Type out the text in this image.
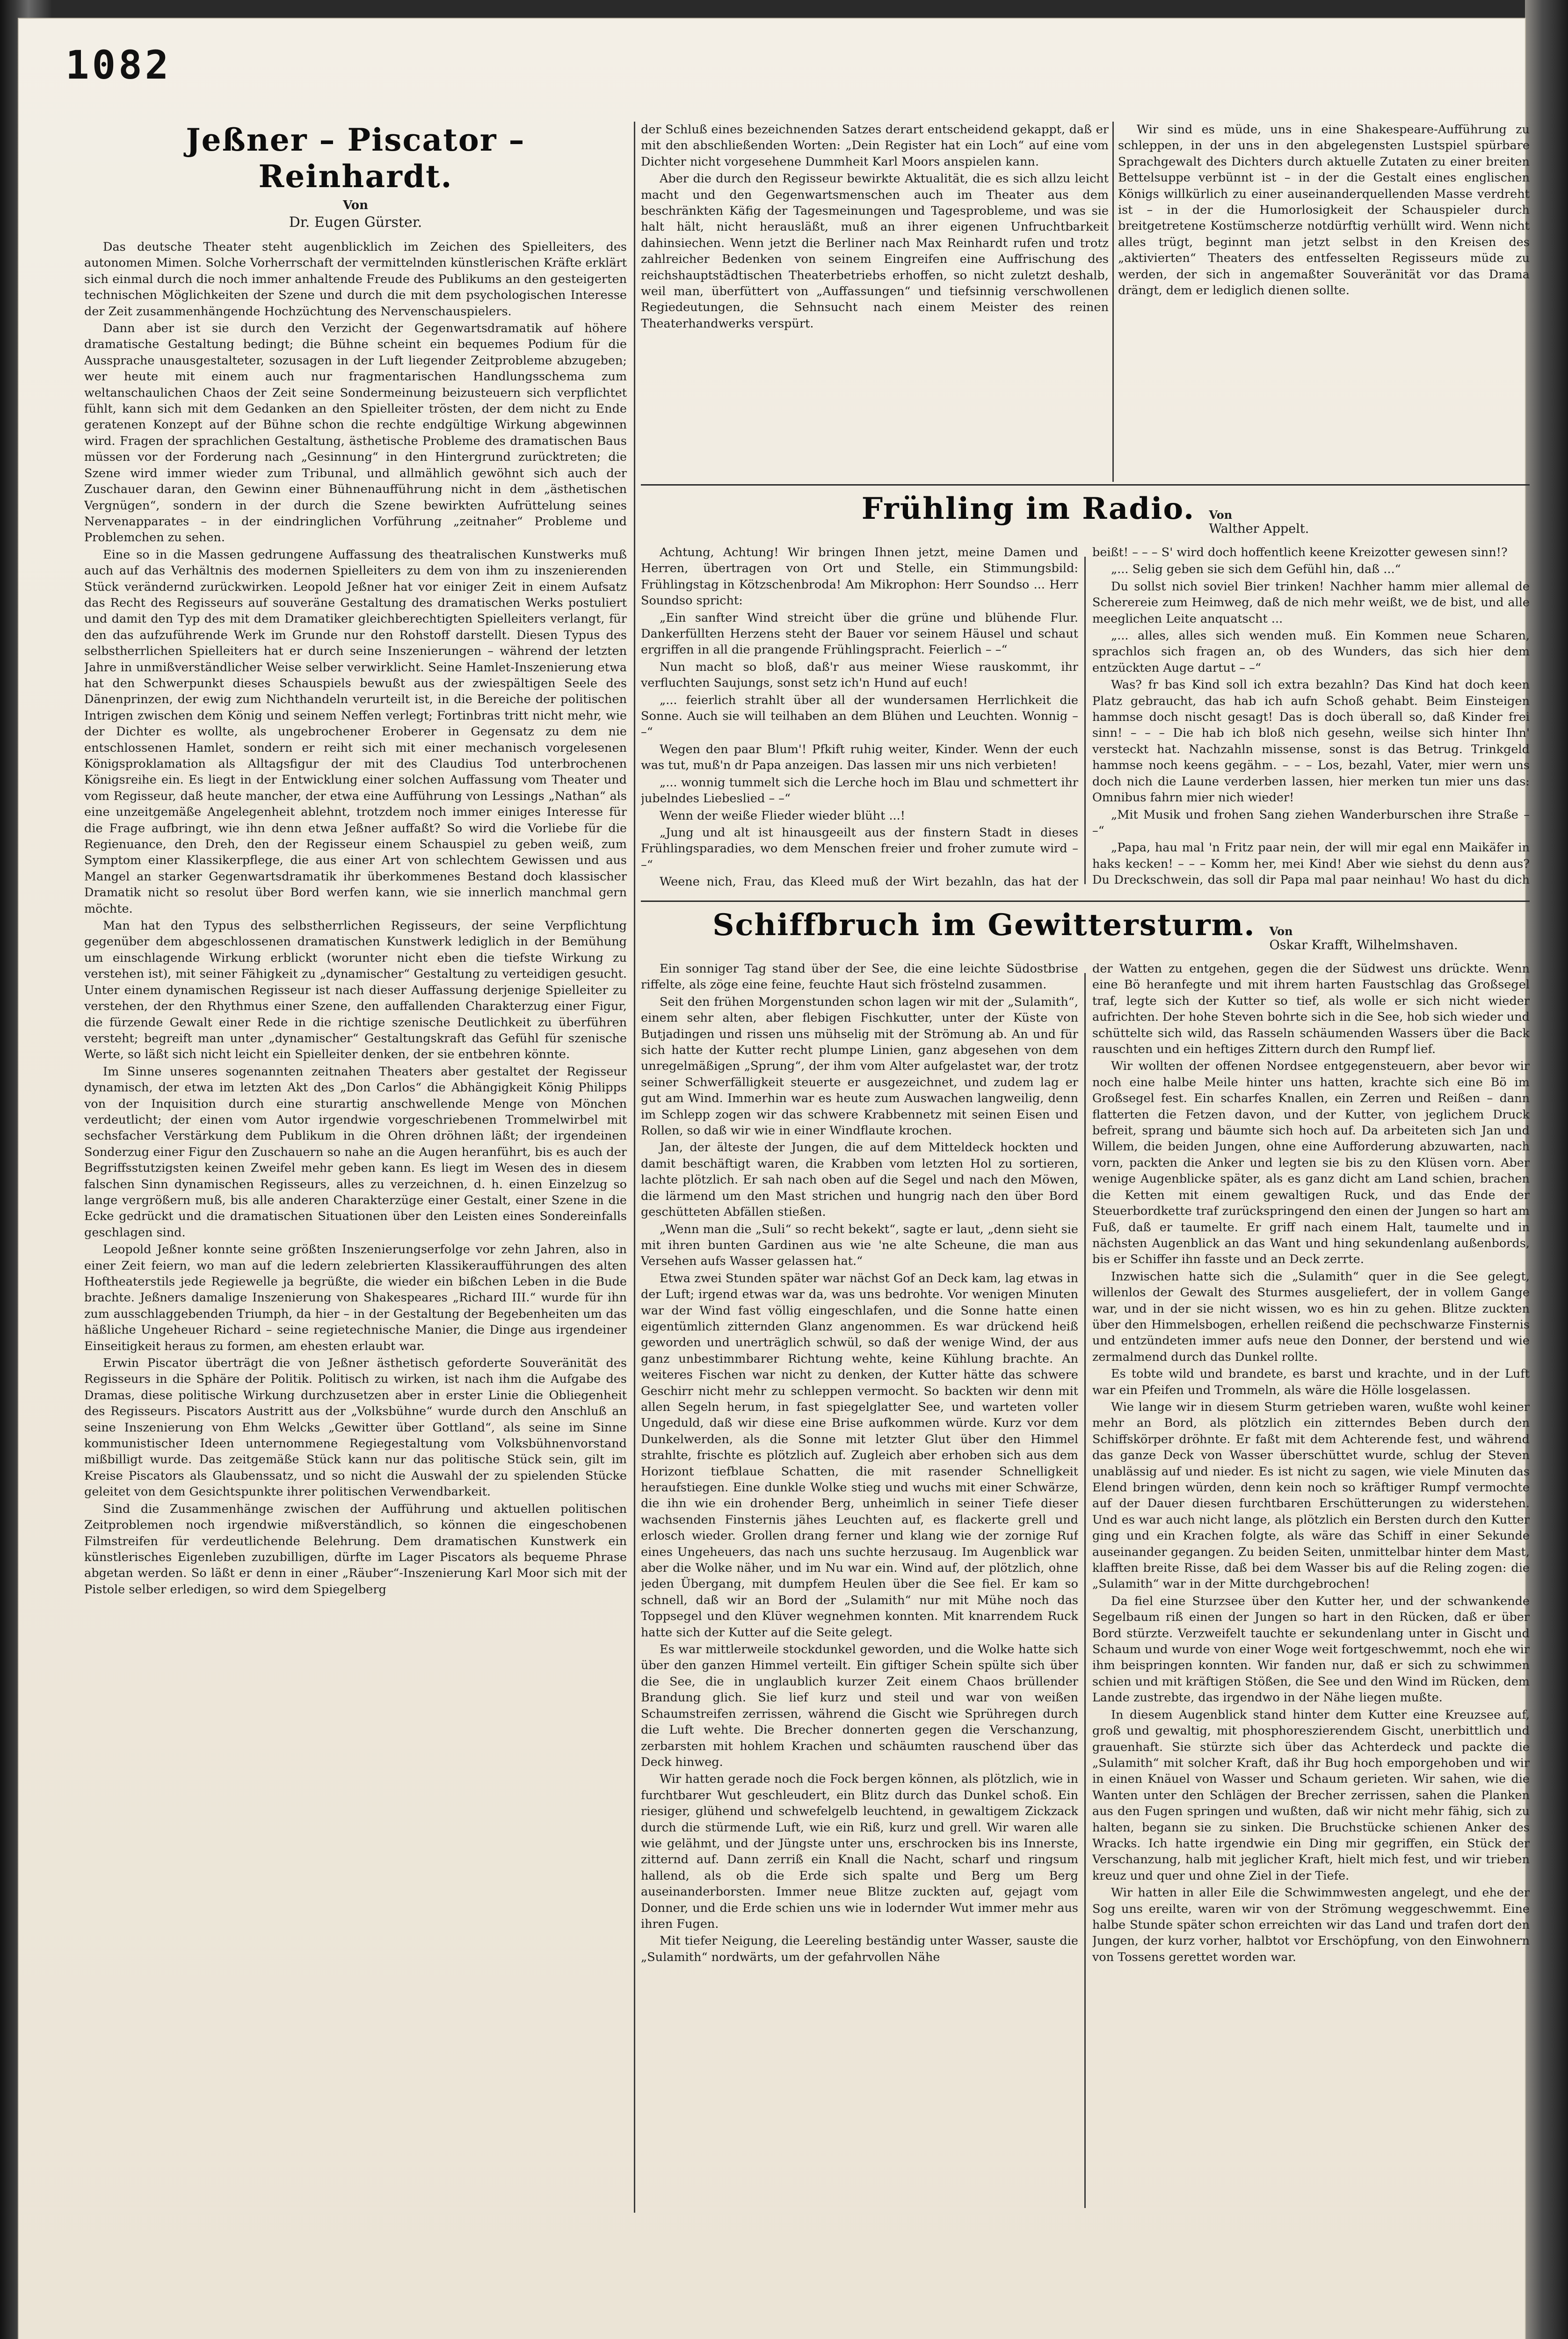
1082
Jeßner – Piscator – Reinhardt.
Von
Dr. Eugen Gürster.

Das deutsche Theater steht augenblicklich im Zeichen des Spielleiters, des autonomen Mimen. Solche Vorherrschaft der vermittelnden künstlerischen Kräfte erklärt sich einmal durch die noch immer anhaltende Freude des Publikums an den gesteigerten technischen Möglichkeiten der Szene und durch die mit dem psychologischen Interesse der Zeit zusammenhängende Hochzüchtung des Nervenschauspielers.

Dann aber ist sie durch den Verzicht der Gegenwartsdramatik auf höhere dramatische Gestaltung bedingt; die Bühne scheint ein bequemes Podium für die Aussprache unausgestalteter, sozusagen in der Luft liegender Zeitprobleme abzugeben; wer heute mit einem auch nur fragmentarischen Handlungsschema zum weltanschaulichen Chaos der Zeit seine Sondermeinung beizusteuern sich verpflichtet fühlt, kann sich mit dem Gedanken an den Spielleiter trösten, der dem nicht zu Ende geratenen Konzept auf der Bühne schon die rechte endgültige Wirkung abgewinnen wird. Fragen der sprachlichen Gestaltung, ästhetische Probleme des dramatischen Baus müssen vor der Forderung nach „Gesinnung“ in den Hintergrund zurücktreten; die Szene wird immer wieder zum Tribunal, und allmählich gewöhnt sich auch der Zuschauer daran, den Gewinn einer Bühnenaufführung nicht in dem „ästhetischen Vergnügen“, sondern in der durch die Szene bewirkten Aufrüttelung seines Nervenapparates – in der eindringlichen Vorführung „zeitnaher“ Probleme und Problemchen zu sehen.

Eine so in die Massen gedrungene Auffassung des theatralischen Kunstwerks muß auch auf das Verhältnis des modernen Spielleiters zu dem von ihm zu inszenierenden Stück verändernd zurückwirken. Leopold Jeßner hat vor einiger Zeit in einem Aufsatz das Recht des Regisseurs auf souveräne Gestaltung des dramatischen Werks postuliert und damit den Typ des mit dem Dramatiker gleichberechtigten Spielleiters verlangt, für den das aufzuführende Werk im Grunde nur den Rohstoff darstellt. Diesen Typus des selbstherrlichen Spielleiters hat er durch seine Inszenierungen – während der letzten Jahre in unmißverständlicher Weise selber verwirklicht. Seine Hamlet-Inszenierung etwa hat den Schwerpunkt dieses Schauspiels bewußt aus der zwiespältigen Seele des Dänenprinzen, der ewig zum Nichthandeln verurteilt ist, in die Bereiche der politischen Intrigen zwischen dem König und seinem Neffen verlegt; Fortinbras tritt nicht mehr, wie der Dichter es wollte, als ungebrochener Eroberer in Gegensatz zu dem nie entschlossenen Hamlet, sondern er reiht sich mit einer mechanisch vorgelesenen Königsproklamation als Alltagsfigur der mit des Claudius Tod unterbrochenen Königsreihe ein. Es liegt in der Entwicklung einer solchen Auffassung vom Theater und vom Regisseur, daß heute mancher, der etwa eine Aufführung von Lessings „Nathan“ als eine unzeitgemäße Angelegenheit ablehnt, trotzdem noch immer einiges Interesse für die Frage aufbringt, wie ihn denn etwa Jeßner auffaßt? So wird die Vorliebe für die Regienuance, den Dreh, den der Regisseur einem Schauspiel zu geben weiß, zum Symptom einer Klassikerpflege, die aus einer Art von schlechtem Gewissen und aus Mangel an starker Gegenwartsdramatik ihr überkommenes Bestand doch klassischer Dramatik nicht so resolut über Bord werfen kann, wie sie innerlich manchmal gern möchte.

Man hat den Typus des selbstherrlichen Regisseurs, der seine Verpflichtung gegenüber dem abgeschlossenen dramatischen Kunstwerk lediglich in der Bemühung um einschlagende Wirkung erblickt (worunter nicht eben die tiefste Wirkung zu verstehen ist), mit seiner Fähigkeit zu „dynamischer“ Gestaltung zu verteidigen gesucht. Unter einem dynamischen Regisseur ist nach dieser Auffassung derjenige Spielleiter zu verstehen, der den Rhythmus einer Szene, den auffallenden Charakterzug einer Figur, die fürzende Gewalt einer Rede in die richtige szenische Deutlichkeit zu überführen versteht; begreift man unter „dynamischer“ Gestaltungskraft das Gefühl für szenische Werte, so läßt sich nicht leicht ein Spielleiter denken, der sie entbehren könnte.

Im Sinne unseres sogenannten zeitnahen Theaters aber gestaltet der Regisseur dynamisch, der etwa im letzten Akt des „Don Carlos“ die Abhängigkeit König Philipps von der Inquisition durch eine sturartig anschwellende Menge von Mönchen verdeutlicht; der einen vom Autor irgendwie vorgeschriebenen Trommelwirbel mit sechsfacher Verstärkung dem Publikum in die Ohren dröhnen läßt; der irgendeinen Sonderzug einer Figur den Zuschauern so nahe an die Augen heranführt, bis es auch der Begriffsstutzigsten keinen Zweifel mehr geben kann. Es liegt im Wesen des in diesem falschen Sinn dynamischen Regisseurs, alles zu verzeichnen, d. h. einen Einzelzug so lange vergrößern muß, bis alle anderen Charakterzüge einer Gestalt, einer Szene in die Ecke gedrückt und die dramatischen Situationen über den Leisten eines Sondereinfalls geschlagen sind.

Leopold Jeßner konnte seine größten Inszenierungserfolge vor zehn Jahren, also in einer Zeit feiern, wo man auf die ledern zelebrierten Klassikeraufführungen des alten Hoftheaterstils jede Regiewelle ja begrüßte, die wieder ein bißchen Leben in die Bude brachte. Jeßners damalige Inszenierung von Shakespeares „Richard III.“ wurde für ihn zum ausschlaggebenden Triumph, da hier – in der Gestaltung der Begebenheiten um das häßliche Ungeheuer Richard – seine regietechnische Manier, die Dinge aus irgendeiner Einseitigkeit heraus zu formen, am ehesten erlaubt war.

Erwin Piscator überträgt die von Jeßner ästhetisch geforderte Souveränität des Regisseurs in die Sphäre der Politik. Politisch zu wirken, ist nach ihm die Aufgabe des Dramas, diese politische Wirkung durchzusetzen aber in erster Linie die Obliegenheit des Regisseurs. Piscators Austritt aus der „Volksbühne“ wurde durch den Anschluß an seine Inszenierung von Ehm Welcks „Gewitter über Gottland“, als seine im Sinne kommunistischer Ideen unternommene Regiegestaltung vom Volksbühnenvorstand mißbilligt wurde. Das zeitgemäße Stück kann nur das politische Stück sein, gilt im Kreise Piscators als Glaubenssatz, und so nicht die Auswahl der zu spielenden Stücke geleitet von dem Gesichtspunkte ihrer politischen Verwendbarkeit.

Sind die Zusammenhänge zwischen der Aufführung und aktuellen politischen Zeitproblemen noch irgendwie mißverständlich, so können die eingeschobenen Filmstreifen für verdeutlichende Belehrung. Dem dramatischen Kunstwerk ein künstlerisches Eigenleben zuzubilligen, dürfte im Lager Piscators als bequeme Phrase abgetan werden. So läßt er denn in einer „Räuber“-Inszenierung Karl Moor sich mit der Pistole selber erledigen, so wird dem Spiegelberg

der Schluß eines bezeichnenden Satzes derart entscheidend gekappt, daß er mit den abschließenden Worten: „Dein Register hat ein Loch“ auf eine vom Dichter nicht vorgesehene Dummheit Karl Moors anspielen kann.

Aber die durch den Regisseur bewirkte Aktualität, die es sich allzu leicht macht und den Gegenwartsmenschen auch im Theater aus dem beschränkten Käfig der Tagesmeinungen und Tagesprobleme, und was sie halt hält, nicht herausläßt, muß an ihrer eigenen Unfruchtbarkeit dahinsiechen. Wenn jetzt die Berliner nach Max Reinhardt rufen und trotz zahlreicher Bedenken von seinem Eingreifen eine Auffrischung des reichshauptstädtischen Theaterbetriebs erhoffen, so nicht zuletzt deshalb, weil man, überfüttert von „Auffassungen“ und tiefsinnig verschwollenen Regiedeutungen, die Sehnsucht nach einem Meister des reinen Theaterhandwerks verspürt.

Wir sind es müde, uns in eine Shakespeare-Aufführung zu schleppen, in der uns in den abgelegensten Lustspiel spürbare Sprachgewalt des Dichters durch aktuelle Zutaten zu einer breiten Bettelsuppe verbünnt ist – in der die Gestalt eines englischen Königs willkürlich zu einer auseinanderquellenden Masse verdreht ist – in der die Humorlosigkeit der Schauspieler durch breitgetretene Kostümscherze notdürftig verhüllt wird. Wenn nicht alles trügt, beginnt man jetzt selbst in den Kreisen des „aktivierten“ Theaters des entfesselten Regisseurs müde zu werden, der sich in angemaßter Souveränität vor das Drama drängt, dem er lediglich dienen sollte.

Frühling im Radio. Von
Walther Appelt.

Achtung, Achtung! Wir bringen Ihnen jetzt, meine Damen und Herren, übertragen von Ort und Stelle, ein Stimmungsbild: Frühlingstag in Kötzschenbroda! Am Mikrophon: Herr Soundso ... Herr Soundso spricht:

„Ein sanfter Wind streicht über die grüne und blühende Flur. Dankerfüllten Herzens steht der Bauer vor seinem Häusel und schaut ergriffen in all die prangende Frühlingspracht. Feierlich – –“

Nun macht so bloß, daß'r aus meiner Wiese rauskommt, ihr verfluchten Saujungs, sonst setz ich'n Hund auf euch!

„... feierlich strahlt über all der wundersamen Herrlichkeit die Sonne. Auch sie will teilhaben an dem Blühen und Leuchten. Wonnig – –“

Wegen den paar Blum'! Pfkift ruhig weiter, Kinder. Wenn der euch was tut, muß'n dr Papa anzeigen. Das lassen mir uns nich verbieten!

„... wonnig tummelt sich die Lerche hoch im Blau und schmettert ihr jubelndes Liebeslied – –“

Wenn der weiße Flieder wieder blüht ...!

„Jung und alt ist hinausgeeilt aus der finstern Stadt in dieses Frühlingsparadies, wo dem Menschen freier und froher zumute wird – –“

Weene nich, Frau, das Kleed muß der Wirt bezahln, das hat der

beißt! – – – S' wird doch hoffentlich keene Kreizotter gewesen sinn!?

„... Selig geben sie sich dem Gefühl hin, daß ...“

Du sollst nich soviel Bier trinken! Nachher hamm mier allemal de Scherereie zum Heimweg, daß de nich mehr weißt, we de bist, und alle meeglichen Leite anquatscht ...

„... alles, alles sich wenden muß. Ein Kommen neue Scharen, sprachlos sich fragen an, ob des Wunders, das sich hier dem entzückten Auge dartut – –“

Was? fr bas Kind soll ich extra bezahln? Das Kind hat doch keen Platz gebraucht, das hab ich aufn Schoß gehabt. Beim Einsteigen hammse doch nischt gesagt! Das is doch überall so, daß Kinder frei sinn! – – – Die hab ich bloß nich gesehn, weilse sich hinter Ihn' versteckt hat. Nachzahln missense, sonst is das Betrug. Trinkgeld hammse noch keens gegähm. – – – Los, bezahl, Vater, mier wern uns doch nich die Laune verderben lassen, hier merken tun mier uns das: Omnibus fahrn mier nich wieder!

„Mit Musik und frohen Sang ziehen Wanderburschen ihre Straße – –“

„Papa, hau mal 'n Fritz paar nein, der will mir egal enn Maikäfer in haks kecken! – – – Komm her, mei Kind! Aber wie siehst du denn aus? Du Dreckschwein, das soll dir Papa mal paar neinhau! Wo hast du dich

Schiffbruch im Gewittersturm. Von
Oskar Krafft, Wilhelmshaven.

Ein sonniger Tag stand über der See, die eine leichte Südostbrise riffelte, als zöge eine feine, feuchte Haut sich fröstelnd zusammen.

Seit den frühen Morgenstunden schon lagen wir mit der „Sulamith“, einem sehr alten, aber flebigen Fischkutter, unter der Küste von Butjadingen und rissen uns mühselig mit der Strömung ab. An und für sich hatte der Kutter recht plumpe Linien, ganz abgesehen von dem unregelmäßigen „Sprung“, der ihm vom Alter aufgelastet war, der trotz seiner Schwerfälligkeit steuerte er ausgezeichnet, und zudem lag er gut am Wind. Immerhin war es heute zum Auswachen langweilig, denn im Schlepp zogen wir das schwere Krabbennetz mit seinen Eisen und Rollen, so daß wir wie in einer Windflaute krochen.

Jan, der älteste der Jungen, die auf dem Mitteldeck hockten und damit beschäftigt waren, die Krabben vom letzten Hol zu sortieren, lachte plötzlich. Er sah nach oben auf die Segel und nach den Möwen, die lärmend um den Mast strichen und hungrig nach den über Bord geschütteten Abfällen stießen.

„Wenn man die „Suli“ so recht bekekt“, sagte er laut, „denn sieht sie mit ihren bunten Gardinen aus wie 'ne alte Scheune, die man aus Versehen aufs Wasser gelassen hat.“

Etwa zwei Stunden später war nächst Gof an Deck kam, lag etwas in der Luft; irgend etwas war da, was uns bedrohte. Vor wenigen Minuten war der Wind fast völlig eingeschlafen, und die Sonne hatte einen eigentümlich zitternden Glanz angenommen. Es war drückend heiß geworden und unerträglich schwül, so daß der wenige Wind, der aus ganz unbestimmbarer Richtung wehte, keine Kühlung brachte. An weiteres Fischen war nicht zu denken, der Kutter hätte das schwere Geschirr nicht mehr zu schleppen vermocht. So backten wir denn mit allen Segeln herum, in fast spiegelglatter See, und warteten voller Ungeduld, daß wir diese eine Brise aufkommen würde. Kurz vor dem Dunkelwerden, als die Sonne mit letzter Glut über den Himmel strahlte, frischte es plötzlich auf. Zugleich aber erhoben sich aus dem Horizont tiefblaue Schatten, die mit rasender Schnelligkeit heraufstiegen. Eine dunkle Wolke stieg und wuchs mit einer Schwärze, die ihn wie ein drohender Berg, unheimlich in seiner Tiefe dieser wachsenden Finsternis jähes Leuchten auf, es flackerte grell und erlosch wieder. Grollen drang ferner und klang wie der zornige Ruf eines Ungeheuers, das nach uns suchte herzusaug. Im Augenblick war aber die Wolke näher, und im Nu war ein. Wind auf, der plötzlich, ohne jeden Übergang, mit dumpfem Heulen über die See fiel. Er kam so schnell, daß wir an Bord der „Sulamith“ nur mit Mühe noch das Toppsegel und den Klüver wegnehmen konnten. Mit knarrendem Ruck hatte sich der Kutter auf die Seite gelegt.

Es war mittlerweile stockdunkel geworden, und die Wolke hatte sich über den ganzen Himmel verteilt. Ein giftiger Schein spülte sich über die See, die in unglaublich kurzer Zeit einem Chaos brüllender Brandung glich. Sie lief kurz und steil und war von weißen Schaumstreifen zerrissen, während die Gischt wie Sprühregen durch die Luft wehte. Die Brecher donnerten gegen die Verschanzung, zerbarsten mit hohlem Krachen und schäumten rauschend über das Deck hinweg.

Wir hatten gerade noch die Fock bergen können, als plötzlich, wie in furchtbarer Wut geschleudert, ein Blitz durch das Dunkel schoß. Ein riesiger, glühend und schwefelgelb leuchtend, in gewaltigem Zickzack durch die stürmende Luft, wie ein Riß, kurz und grell. Wir waren alle wie gelähmt, und der Jüngste unter uns, erschrocken bis ins Innerste, zitternd auf. Dann zerriß ein Knall die Nacht, scharf und ringsum hallend, als ob die Erde sich spalte und Berg um Berg auseinanderborsten. Immer neue Blitze zuckten auf, gejagt vom Donner, und die Erde schien uns wie in lodernder Wut immer mehr aus ihren Fugen.

Mit tiefer Neigung, die Leereling beständig unter Wasser, sauste die „Sulamith“ nordwärts, um der gefahrvollen Nähe

der Watten zu entgehen, gegen die der Südwest uns drückte. Wenn eine Bö heranfegte und mit ihrem harten Faustschlag das Großsegel traf, legte sich der Kutter so tief, als wolle er sich nicht wieder aufrichten. Der hohe Steven bohrte sich in die See, hob sich wieder und schüttelte sich wild, das Rasseln schäumenden Wassers über die Back rauschten und ein heftiges Zittern durch den Rumpf lief.

Wir wollten der offenen Nordsee entgegensteuern, aber bevor wir noch eine halbe Meile hinter uns hatten, krachte sich eine Bö im Großsegel fest. Ein scharfes Knallen, ein Zerren und Reißen – dann flatterten die Fetzen davon, und der Kutter, von jeglichem Druck befreit, sprang und bäumte sich hoch auf. Da arbeiteten sich Jan und Willem, die beiden Jungen, ohne eine Aufforderung abzuwarten, nach vorn, packten die Anker und legten sie bis zu den Klüsen vorn. Aber wenige Augenblicke später, als es ganz dicht am Land schien, brachen die Ketten mit einem gewaltigen Ruck, und das Ende der Steuerbordkette traf zurückspringend den einen der Jungen so hart am Fuß, daß er taumelte. Er griff nach einem Halt, taumelte und in nächsten Augenblick an das Want und hing sekundenlang außenbords, bis er Schiffer ihn fasste und an Deck zerrte.

Inzwischen hatte sich die „Sulamith“ quer in die See gelegt, willenlos der Gewalt des Sturmes ausgeliefert, der in vollem Gange war, und in der sie nicht wissen, wo es hin zu gehen. Blitze zuckten über den Himmelsbogen, erhellen reißend die pechschwarze Finsternis und entzündeten immer aufs neue den Donner, der berstend und wie zermalmend durch das Dunkel rollte.

Es tobte wild und brandete, es barst und krachte, und in der Luft war ein Pfeifen und Trommeln, als wäre die Hölle losgelassen.

Wie lange wir in diesem Sturm getrieben waren, wußte wohl keiner mehr an Bord, als plötzlich ein zitterndes Beben durch den Schiffskörper dröhnte. Er faßt mit dem Achterende fest, und während das ganze Deck von Wasser überschüttet wurde, schlug der Steven unablässig auf und nieder. Es ist nicht zu sagen, wie viele Minuten das Elend bringen würden, denn kein noch so kräftiger Rumpf vermochte auf der Dauer diesen furchtbaren Erschütterungen zu widerstehen. Und es war auch nicht lange, als plötzlich ein Bersten durch den Kutter ging und ein Krachen folgte, als wäre das Schiff in einer Sekunde auseinander gegangen. Zu beiden Seiten, unmittelbar hinter dem Mast, klafften breite Risse, daß bei dem Wasser bis auf die Reling zogen: die „Sulamith“ war in der Mitte durchgebrochen!

Da fiel eine Sturzsee über den Kutter her, und der schwankende Segelbaum riß einen der Jungen so hart in den Rücken, daß er über Bord stürzte. Verzweifelt tauchte er sekundenlang unter in Gischt und Schaum und wurde von einer Woge weit fortgeschwemmt, noch ehe wir ihm beispringen konnten. Wir fanden nur, daß er sich zu schwimmen schien und mit kräftigen Stößen, die See und den Wind im Rücken, dem Lande zustrebte, das irgendwo in der Nähe liegen mußte.

In diesem Augenblick stand hinter dem Kutter eine Kreuzsee auf, groß und gewaltig, mit phosphoreszierendem Gischt, unerbittlich und grauenhaft. Sie stürzte sich über das Achterdeck und packte die „Sulamith“ mit solcher Kraft, daß ihr Bug hoch emporgehoben und wir in einen Knäuel von Wasser und Schaum gerieten. Wir sahen, wie die Wanten unter den Schlägen der Brecher zerrissen, sahen die Planken aus den Fugen springen und wußten, daß wir nicht mehr fähig, sich zu halten, begann sie zu sinken. Die Bruchstücke schienen Anker des Wracks. Ich hatte irgendwie ein Ding mir gegriffen, ein Stück der Verschanzung, halb mit jeglicher Kraft, hielt mich fest, und wir trieben kreuz und quer und ohne Ziel in der Tiefe.

Wir hatten in aller Eile die Schwimmwesten angelegt, und ehe der Sog uns ereilte, waren wir von der Strömung weggeschwemmt. Eine halbe Stunde später schon erreichten wir das Land und trafen dort den Jungen, der kurz vorher, halbtot vor Erschöpfung, von den Einwohnern von Tossens gerettet worden war.
